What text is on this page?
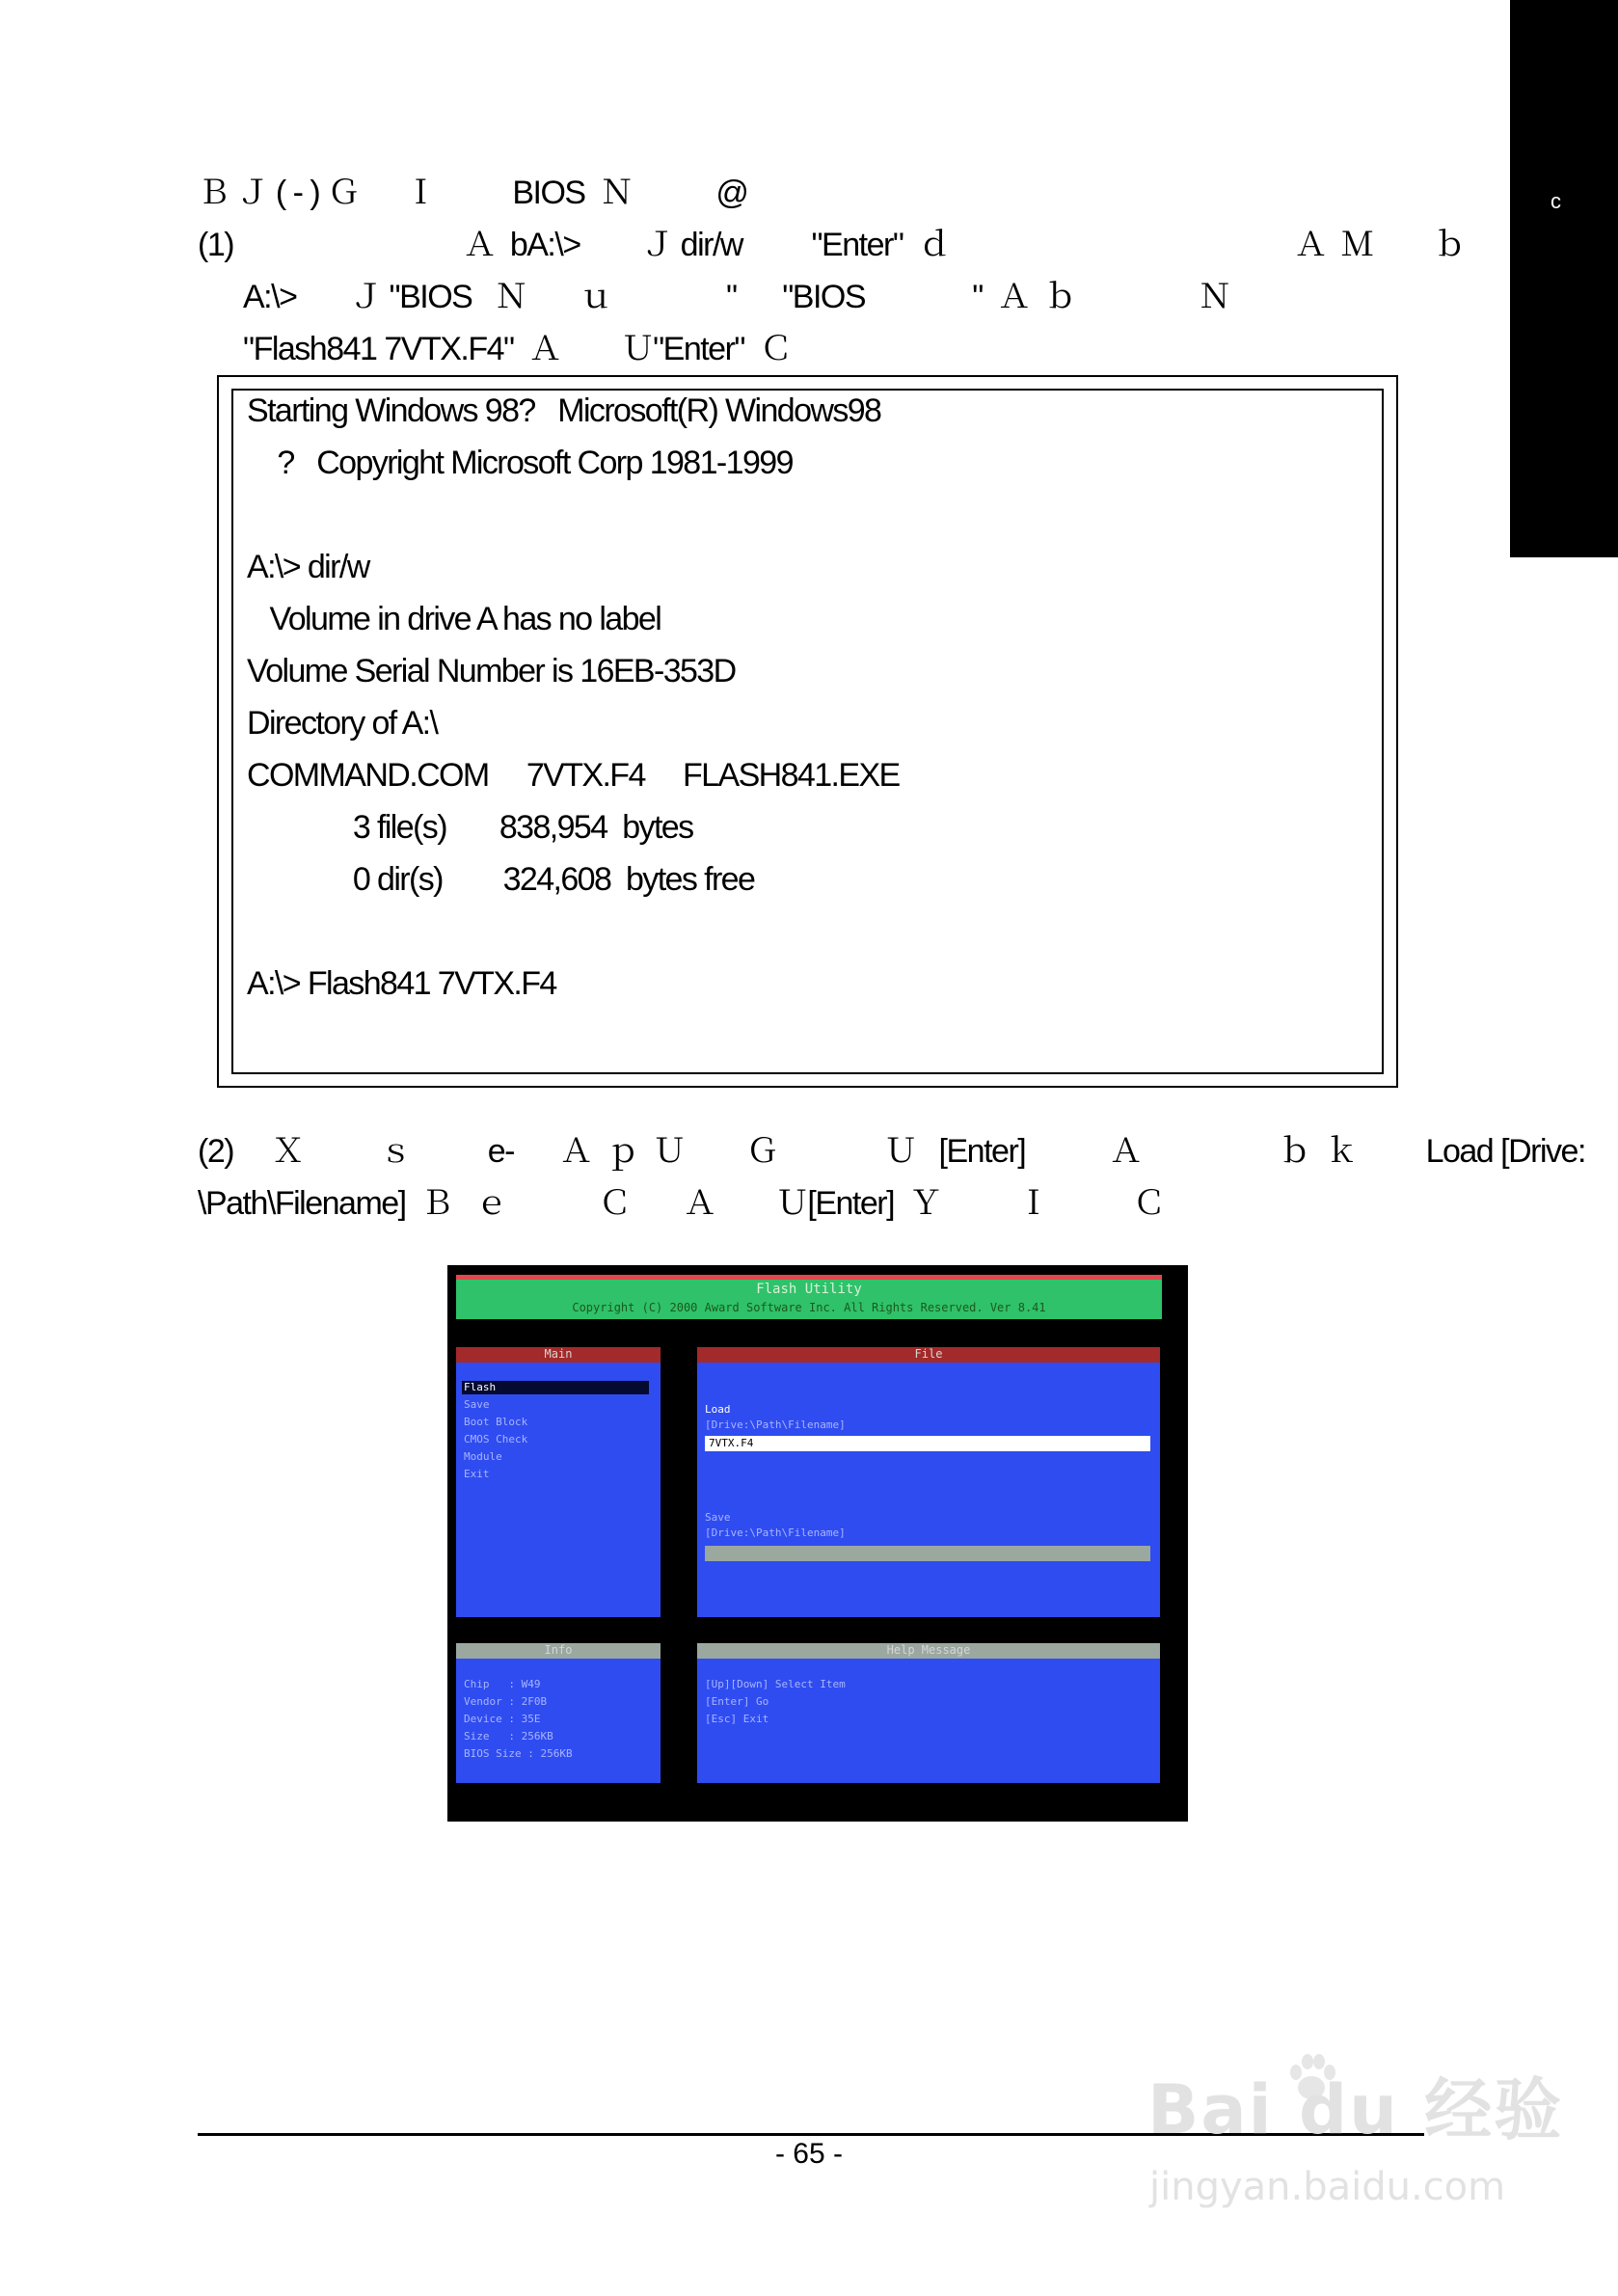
c
Ｂ Ｊ ( - ) Ｇ      Ｉ          BIOS  Ｎ           @
(1)                              Ａ  bA:\>        Ｊ dir/w         "Enter"  ｄ                                             Ａ  Ｍ        ｂ
A:\>       Ｊ "BIOS   Ｎ       ｕ               "      "BIOS              "  Ａ  ｂ                Ｎ
"Flash841 7VTX.F4"  Ａ        Ｕ"Enter"  Ｃ
Starting Windows 98?   Microsoft(R) Windows98
?   Copyright Microsoft Corp 1981-1999
A:\> dir/w
Volume in drive A has no label
Volume Serial Number is 16EB-353D
Directory of A:\
COMMAND.COM     7VTX.F4     FLASH841.EXE
3 file(s)       838,954  bytes
0 dir(s)        324,608  bytes free
A:\> Flash841 7VTX.F4
(2)     Ｘ          ｓ          e-      Ａ  ｐ  Ｕ        Ｇ              Ｕ   [Enter]           Ａ                  ｂ  ｋ         Load [Drive:
\Path\Filename]  Ｂ   ｅ            Ｃ       Ａ        Ｕ[Enter]  Ｙ          Ｉ           Ｃ
Flash Utility
Copyright (C) 2000 Award Software Inc. All Rights Reserved. Ver 8.41
Main
Flash
Save
Boot Block
CMOS Check
Module
Exit
File
Load
[Drive:\Path\Filename]
7VTX.F4
Save
[Drive:\Path\Filename]
Info
Chip   : W49
Vendor : 2F0B
Device : 35E
Size   : 256KB
BIOS Size : 256KB
Help Message
[Up][Down] Select Item
[Enter] Go
[Esc] Exit
- 65 -
Bai du 经验
jingyan.baidu.com
